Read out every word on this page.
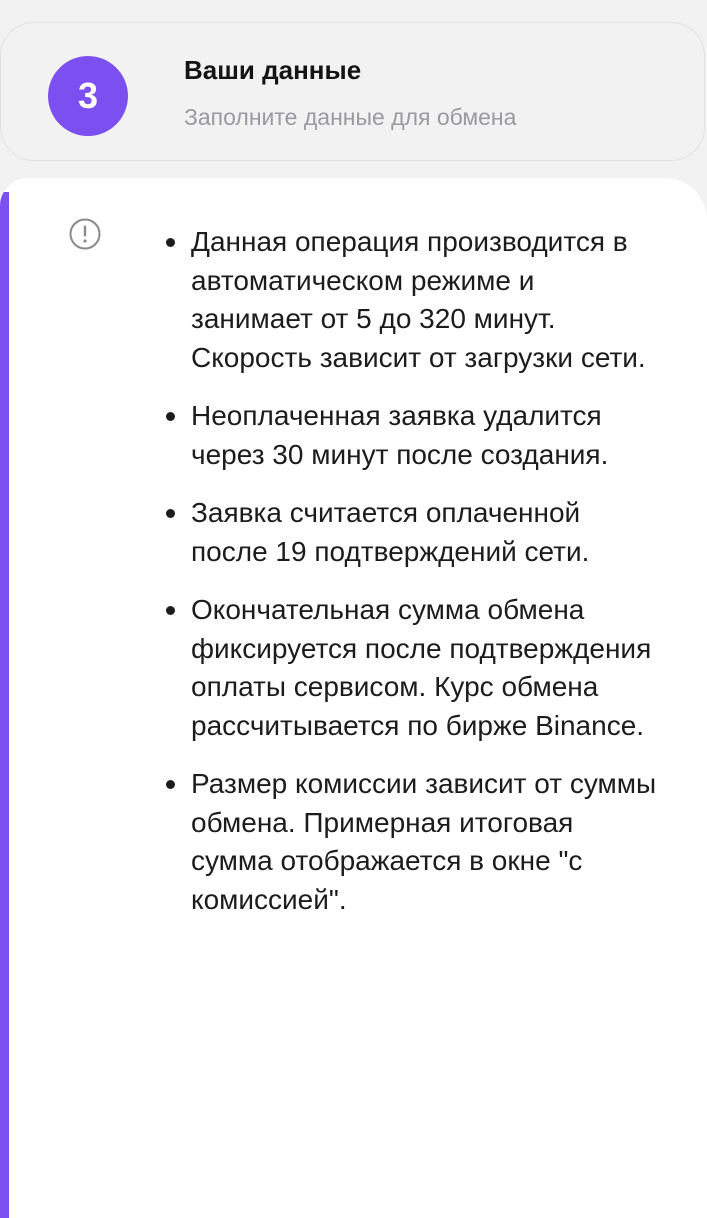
3
Ваши данные
Заполните данные для обмена
Данная операция производится в автоматическом режиме и занимает от 5 до 320 минут. Скорость зависит от загрузки сети.
Неоплаченная заявка удалится через 30 минут после создания.
Заявка считается оплаченной после 19 подтверждений сети.
Окончательная сумма обмена фиксируется после подтверждения оплаты сервисом. Курс обмена рассчитывается по бирже Binance.
Размер комиссии зависит от суммы обмена. Примерная итоговая сумма отображается в окне "с комиссией".
